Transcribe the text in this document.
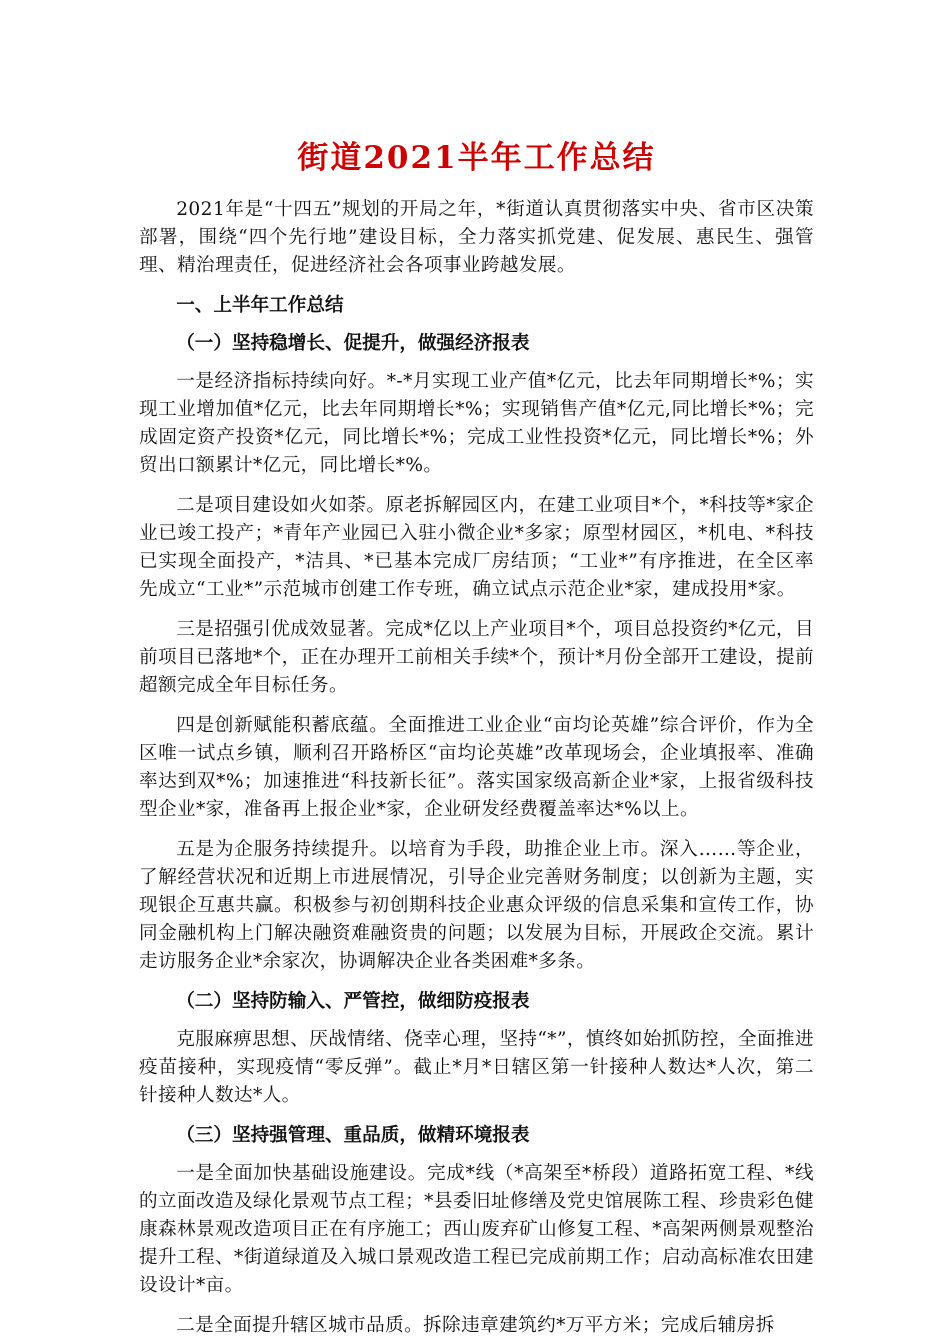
街道2021半年工作总结

2021年是“十四五”规划的开局之年，*街道认真贯彻落实中央、省市区决策部署，围绕“四个先行地”建设目标，全力落实抓党建、促发展、惠民生、强管理、精治理责任，促进经济社会各项事业跨越发展。

一、上半年工作总结
（一）坚持稳增长、促提升，做强经济报表

一是经济指标持续向好。*-*月实现工业产值*亿元，比去年同期增长*%；实现工业增加值*亿元，比去年同期增长*%；实现销售产值*亿元,同比增长*%；完成固定资产投资*亿元，同比增长*%；完成工业性投资*亿元，同比增长*%；外贸出口额累计*亿元，同比增长*%。

二是项目建设如火如荼。原老拆解园区内，在建工业项目*个，*科技等*家企业已竣工投产；*青年产业园已入驻小微企业*多家；原型材园区，*机电、*科技已实现全面投产，*洁具、*已基本完成厂房结顶；“工业*”有序推进，在全区率先成立“工业*”示范城市创建工作专班，确立试点示范企业*家，建成投用*家。

三是招强引优成效显著。完成*亿以上产业项目*个，项目总投资约*亿元，目前项目已落地*个，正在办理开工前相关手续*个，预计*月份全部开工建设，提前超额完成全年目标任务。

四是创新赋能积蓄底蕴。全面推进工业企业“亩均论英雄”综合评价，作为全区唯一试点乡镇，顺利召开路桥区“亩均论英雄”改革现场会，企业填报率、准确率达到双*%；加速推进“科技新长征”。落实国家级高新企业*家，上报省级科技型企业*家，准备再上报企业*家，企业研发经费覆盖率达*%以上。

五是为企服务持续提升。以培育为手段，助推企业上市。深入……等企业，了解经营状况和近期上市进展情况，引导企业完善财务制度；以创新为主题，实现银企互惠共赢。积极参与初创期科技企业惠众评级的信息采集和宣传工作，协同金融机构上门解决融资难融资贵的问题；以发展为目标，开展政企交流。累计走访服务企业*余家次，协调解决企业各类困难*多条。

（二）坚持防输入、严管控，做细防疫报表

克服麻痹思想、厌战情绪、侥幸心理，坚持“*”，慎终如始抓防控，全面推进疫苗接种，实现疫情“零反弹”。截止*月*日辖区第一针接种人数达*人次，第二针接种人数达*人。

（三）坚持强管理、重品质，做精环境报表

一是全面加快基础设施建设。完成*线（*高架至*桥段）道路拓宽工程、*线的立面改造及绿化景观节点工程；*县委旧址修缮及党史馆展陈工程、珍贵彩色健康森林景观改造项目正在有序施工；西山废弃矿山修复工程、*高架两侧景观整治提升工程、*街道绿道及入城口景观改造工程已完成前期工作；启动高标准农田建设设计*亩。

二是全面提升辖区城市品质。拆除违章建筑约*万平方米；完成后辅房拆
